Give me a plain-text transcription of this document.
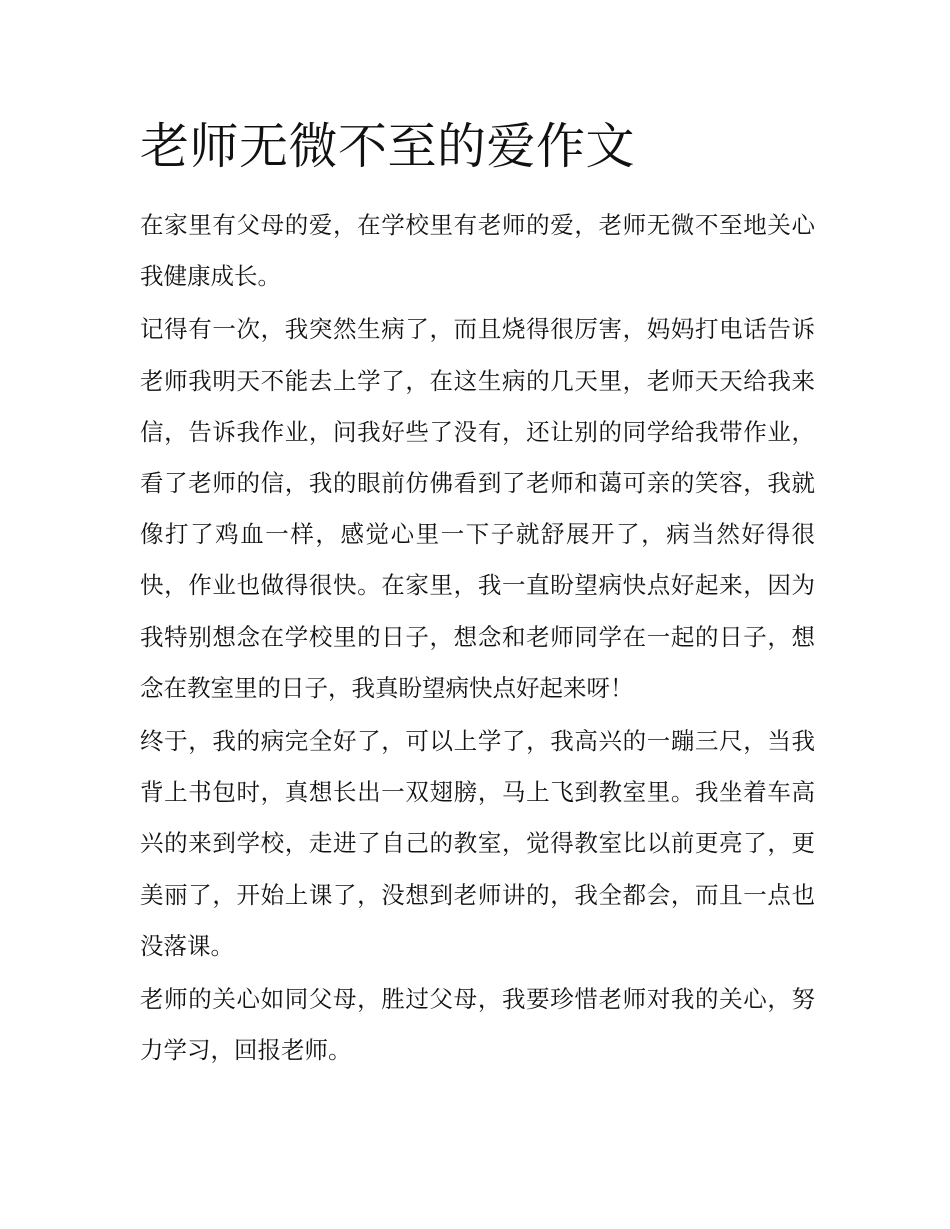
老师无微不至的爱作文

在家里有父母的爱，在学校里有老师的爱，老师无微不至地关心我健康成长。

记得有一次，我突然生病了，而且烧得很厉害，妈妈打电话告诉老师我明天不能去上学了，在这生病的几天里，老师天天给我来信，告诉我作业，问我好些了没有，还让别的同学给我带作业，看了老师的信，我的眼前仿佛看到了老师和蔼可亲的笑容，我就像打了鸡血一样，感觉心里一下子就舒展开了，病当然好得很快，作业也做得很快。在家里，我一直盼望病快点好起来，因为我特别想念在学校里的日子，想念和老师同学在一起的日子，想念在教室里的日子，我真盼望病快点好起来呀！

终于，我的病完全好了，可以上学了，我高兴的一蹦三尺，当我背上书包时，真想长出一双翅膀，马上飞到教室里。我坐着车高兴的来到学校，走进了自己的教室，觉得教室比以前更亮了，更美丽了，开始上课了，没想到老师讲的，我全都会，而且一点也没落课。

老师的关心如同父母，胜过父母，我要珍惜老师对我的关心，努力学习，回报老师。
